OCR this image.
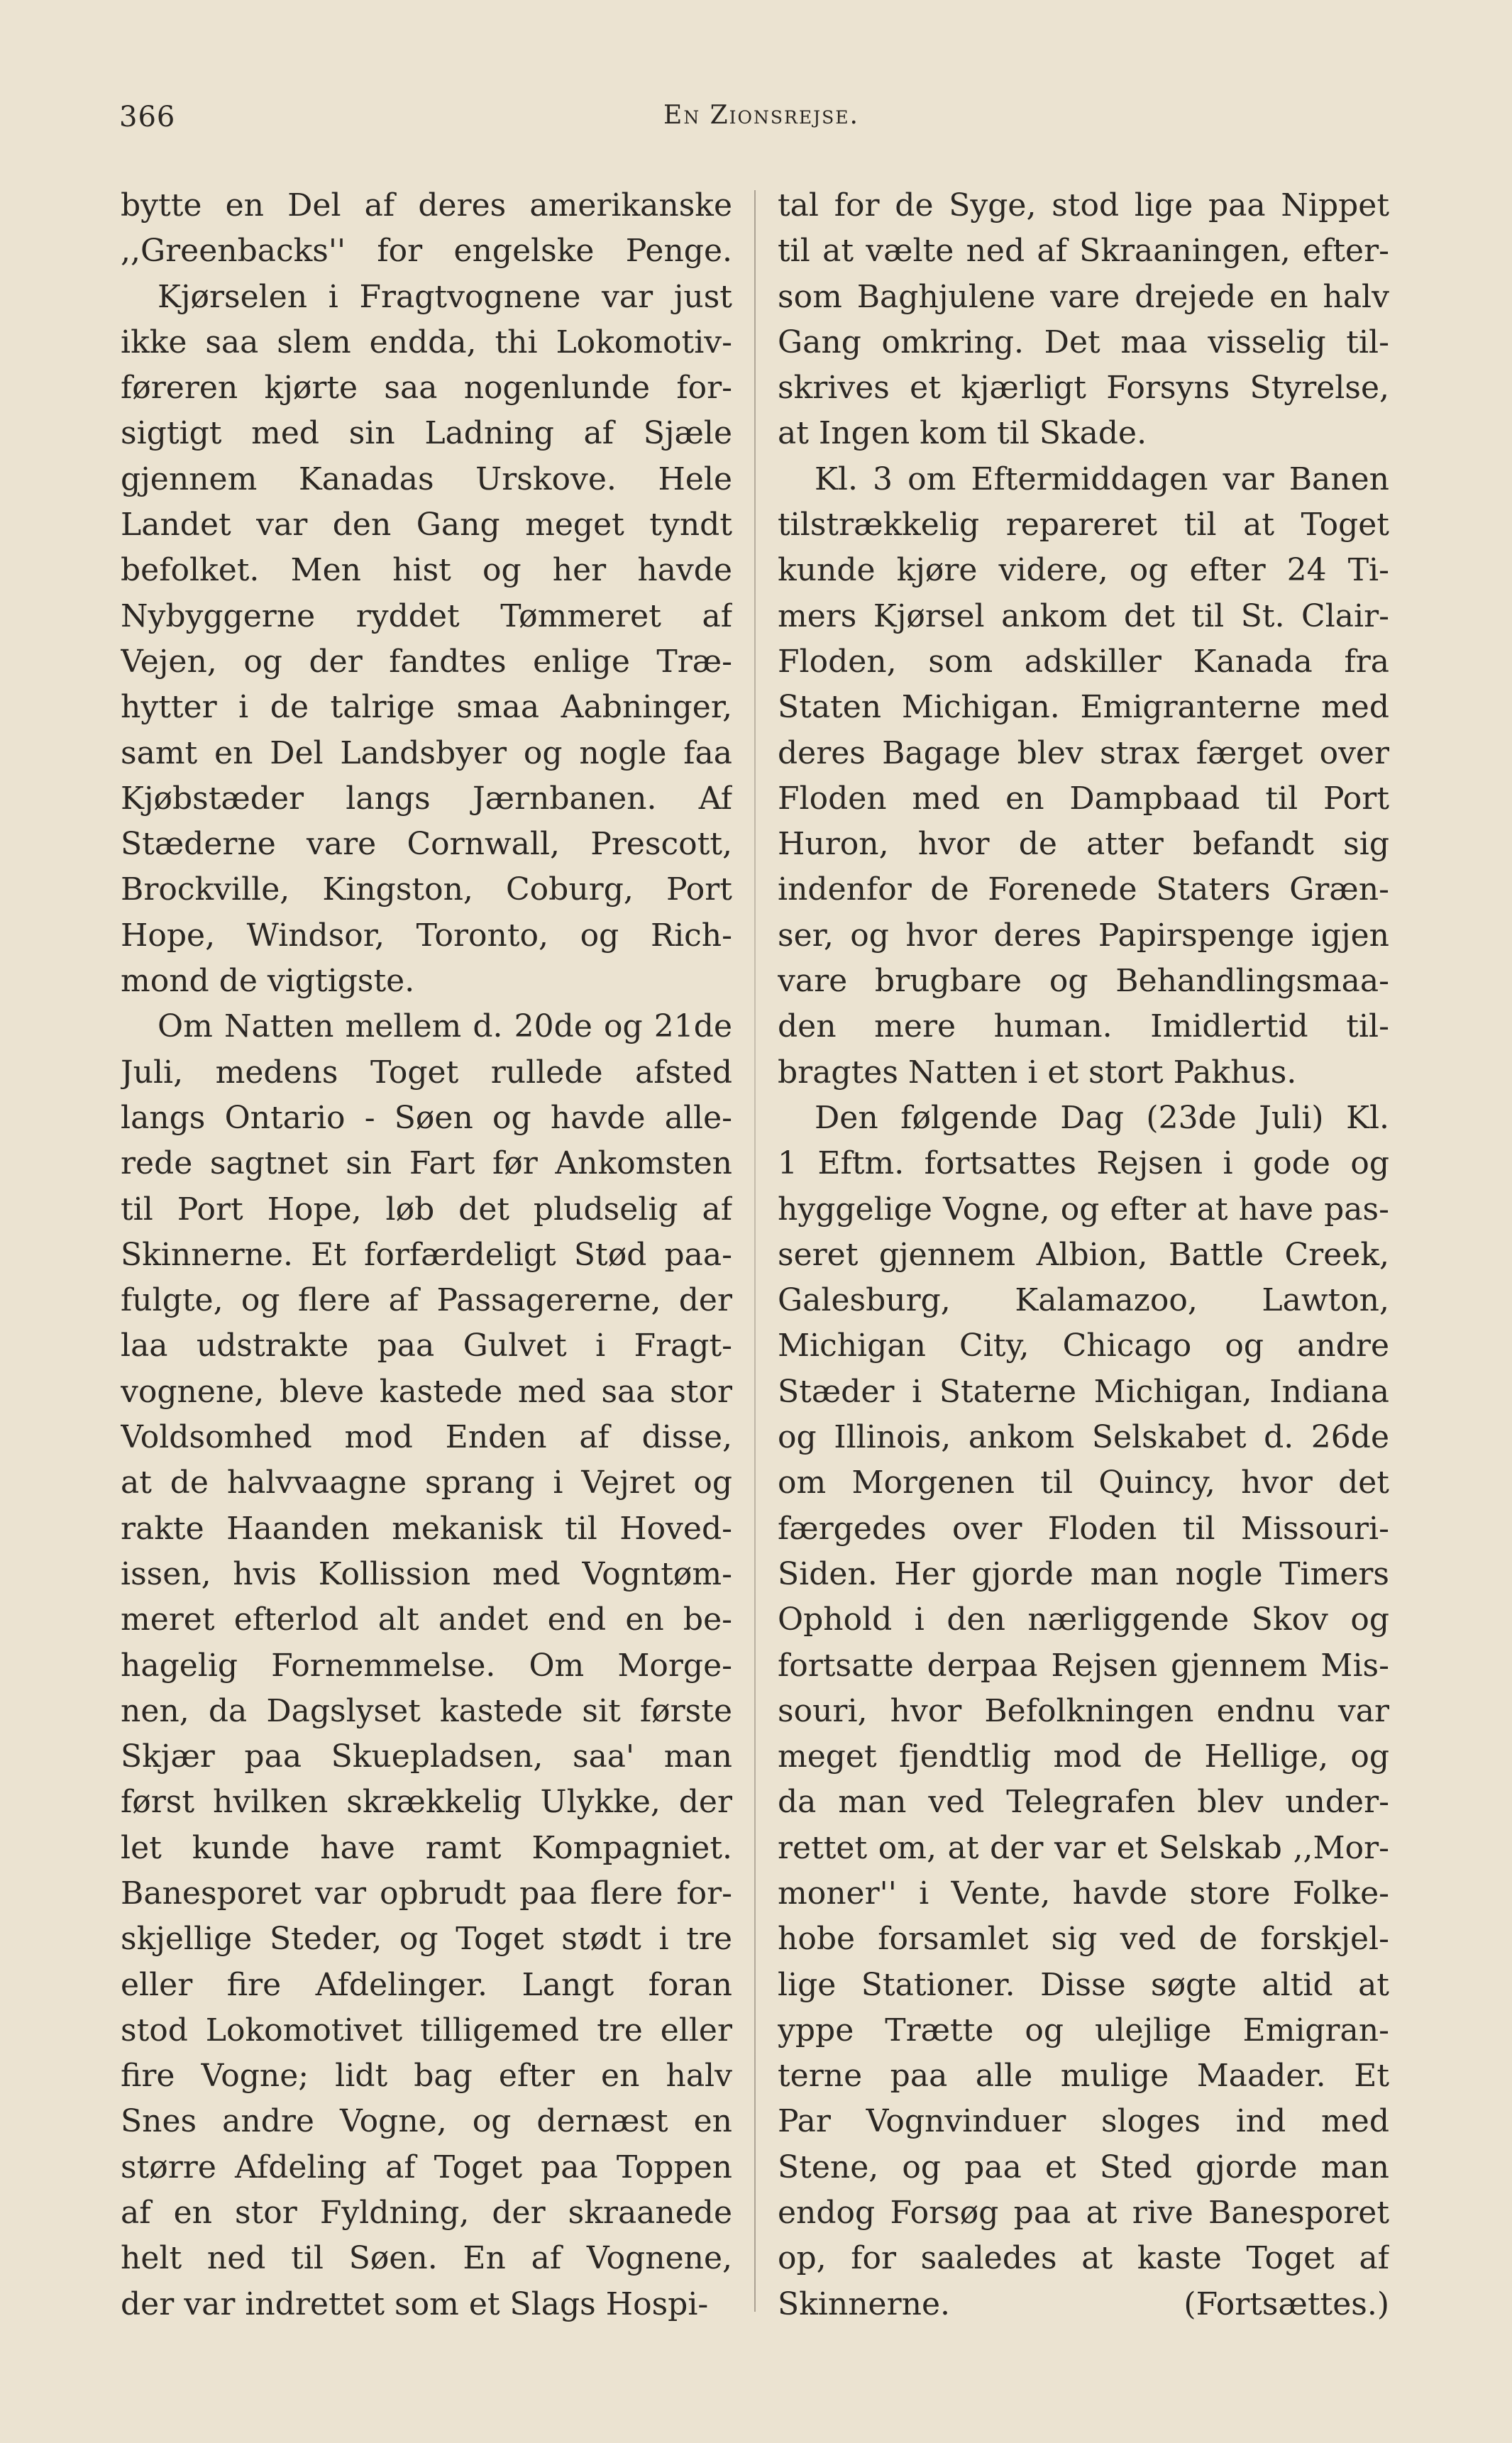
366	En Zionsrejse.
bytte en Del af deres amerikanske
,,Greenbacks'' for engelske Penge.
Kjørselen i Fragtvognene var just
ikke saa slem endda, thi Lokomotiv-
føreren kjørte saa nogenlunde for-
sigtigt med sin Ladning af Sjæle
gjennem Kanadas Urskove. Hele
Landet var den Gang meget tyndt
befolket. Men hist og her havde
Nybyggerne ryddet Tømmeret af
Vejen, og der fandtes enlige Træ-
hytter i de talrige smaa Aabninger,
samt en Del Landsbyer og nogle faa
Kjøbstæder langs Jærnbanen. Af
Stæderne vare Cornwall, Prescott,
Brockville, Kingston, Coburg, Port
Hope, Windsor, Toronto, og Rich-
mond de vigtigste.
Om Natten mellem d. 20de og 21de
Juli, medens Toget rullede afsted
langs Ontario - Søen og havde alle-
rede sagtnet sin Fart før Ankomsten
til Port Hope, løb det pludselig af
Skinnerne. Et forfærdeligt Stød paa-
fulgte, og flere af Passagererne, der
laa udstrakte paa Gulvet i Fragt-
vognene, bleve kastede med saa stor
Voldsomhed mod Enden af disse,
at de halvvaagne sprang i Vejret og
rakte Haanden mekanisk til Hoved-
issen, hvis Kollission med Vogntøm-
meret efterlod alt andet end en be-
hagelig Fornemmelse. Om Morge-
nen, da Dagslyset kastede sit første
Skjær paa Skuepladsen, saa' man
først hvilken skrækkelig Ulykke, der
let kunde have ramt Kompagniet.
Banesporet var opbrudt paa flere for-
skjellige Steder, og Toget stødt i tre
eller fire Afdelinger. Langt foran
stod Lokomotivet tilligemed tre eller
fire Vogne; lidt bag efter en halv
Snes andre Vogne, og dernæst en
større Afdeling af Toget paa Toppen
af en stor Fyldning, der skraanede
helt ned til Søen. En af Vognene,
der var indrettet som et Slags Hospi-
tal for de Syge, stod lige paa Nippet
til at vælte ned af Skraaningen, efter-
som Baghjulene vare drejede en halv
Gang omkring. Det maa visselig til-
skrives et kjærligt Forsyns Styrelse,
at Ingen kom til Skade.
Kl. 3 om Eftermiddagen var Banen
tilstrækkelig repareret til at Toget
kunde kjøre videre, og efter 24 Ti-
mers Kjørsel ankom det til St. Clair-
Floden, som adskiller Kanada fra
Staten Michigan. Emigranterne med
deres Bagage blev strax færget over
Floden med en Dampbaad til Port
Huron, hvor de atter befandt sig
indenfor de Forenede Staters Græn-
ser, og hvor deres Papirspenge igjen
vare brugbare og Behandlingsmaa-
den mere human. Imidlertid til-
bragtes Natten i et stort Pakhus.
Den følgende Dag (23de Juli) Kl.
1 Eftm. fortsattes Rejsen i gode og
hyggelige Vogne, og efter at have pas-
seret gjennem Albion, Battle Creek,
Galesburg, Kalamazoo, Lawton,
Michigan City, Chicago og andre
Stæder i Staterne Michigan, Indiana
og Illinois, ankom Selskabet d. 26de
om Morgenen til Quincy, hvor det
færgedes over Floden til Missouri-
Siden. Her gjorde man nogle Timers
Ophold i den nærliggende Skov og
fortsatte derpaa Rejsen gjennem Mis-
souri, hvor Befolkningen endnu var
meget fjendtlig mod de Hellige, og
da man ved Telegrafen blev under-
rettet om, at der var et Selskab ,,Mor-
moner'' i Vente, havde store Folke-
hobe forsamlet sig ved de forskjel-
lige Stationer. Disse søgte altid at
yppe Trætte og ulejlige Emigran-
terne paa alle mulige Maader. Et
Par Vognvinduer sloges ind med
Stene, og paa et Sted gjorde man
endog Forsøg paa at rive Banesporet
op, for saaledes at kaste Toget af
Skinnerne. (Fortsættes.)
